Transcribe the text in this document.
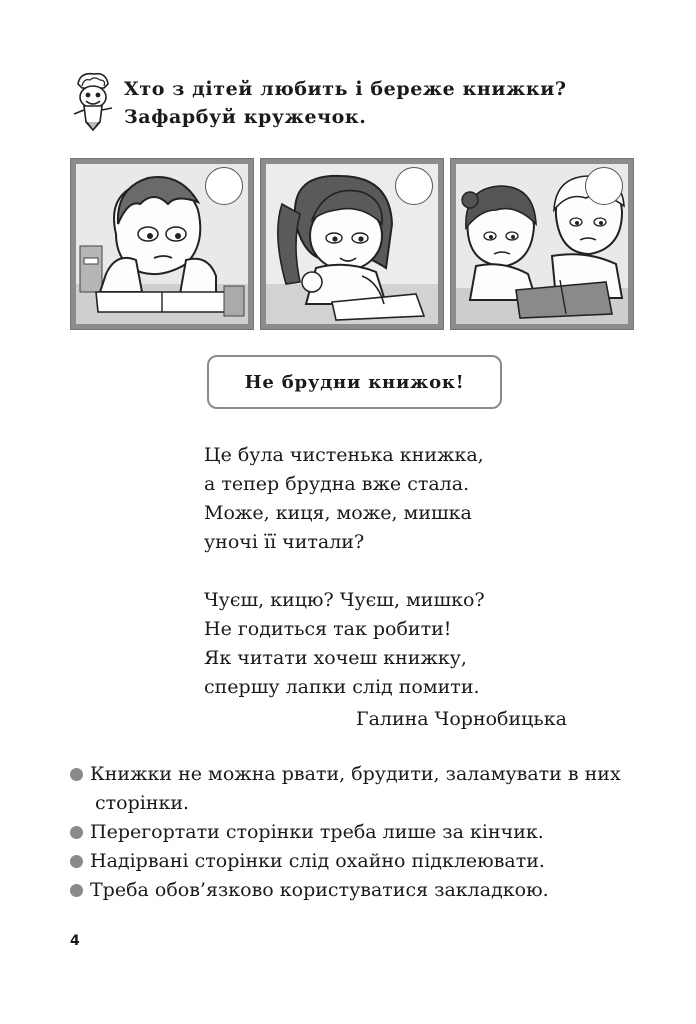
Хто з дітей любить і береже книжки?
Зафарбуй кружечок.
Не брудни книжок!
Це була чистенька книжка,
а тепер брудна вже стала.
Може, киця, може, мишка
уночі її читали?
Чуєш, кицю? Чуєш, мишко?
Не годиться так робити!
Як читати хочеш книжку,
спершу лапки слід помити.
Галина Чорнобицька
Книжки не можна рвати, брудити, заламувати в них
сторінки.
Перегортати сторінки треба лише за кінчик.
Надірвані сторінки слід охайно підклеювати.
Треба обов’язково користуватися закладкою.
4
